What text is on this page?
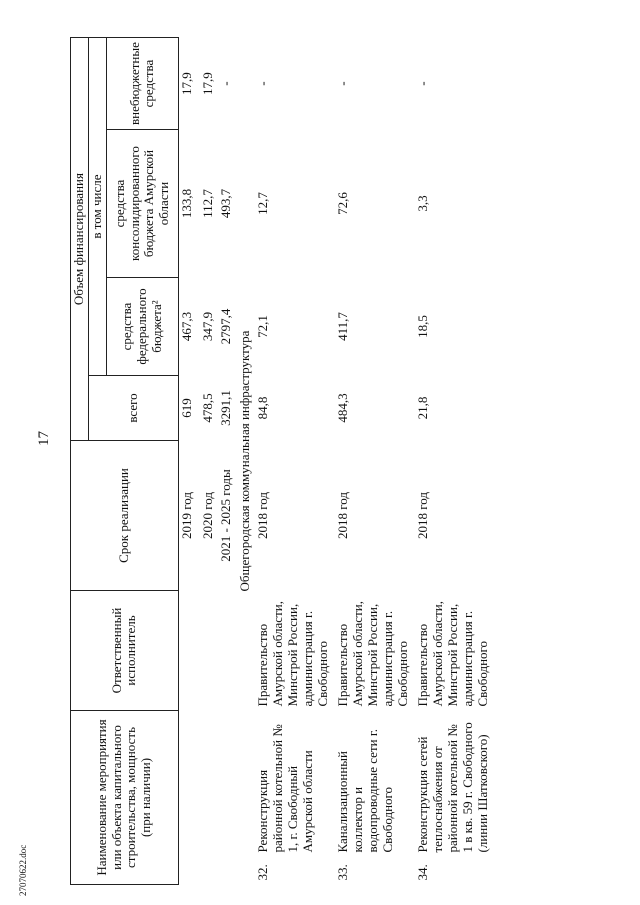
17
27070622.doc	Наименование мероприятия или объекта капитального строительства, мощность (при наличии)		Ответственный исполнитель	Срок реализации	Объем финансирования			
				всего	в том числе		
					средства федерального бюджета²	средства консолидированного бюджета Амурской области	внебюджетные средства
			2019 год	619	467,3	133,8	17,9
			2020 год	478,5	347,9	112,7	17,9
			2021 - 2025 годы	3291,1	2797,4	493,7	-
Общегородская коммунальная инфраструктура							
32.	Реконструкция районной котельной № 1, г. Свободный Амурской области	Правительство Амурской области, Минстрой России, администрация г. Свободного	2018 год	84,8	72,1	12,7	-
33.	Канализационный коллектор и водопроводные сети г. Свободного	Правительство Амурской области, Минстрой России, администрация г. Свободного	2018 год	484,3	411,7	72,6	-
34.	Реконструкция сетей теплоснабжения от районной котельной № 1 в кв. 59 г. Свободного (линии Шатковского)	Правительство Амурской области, Минстрой России, администрация г. Свободного	2018 год	21,8	18,5	3,3	-
